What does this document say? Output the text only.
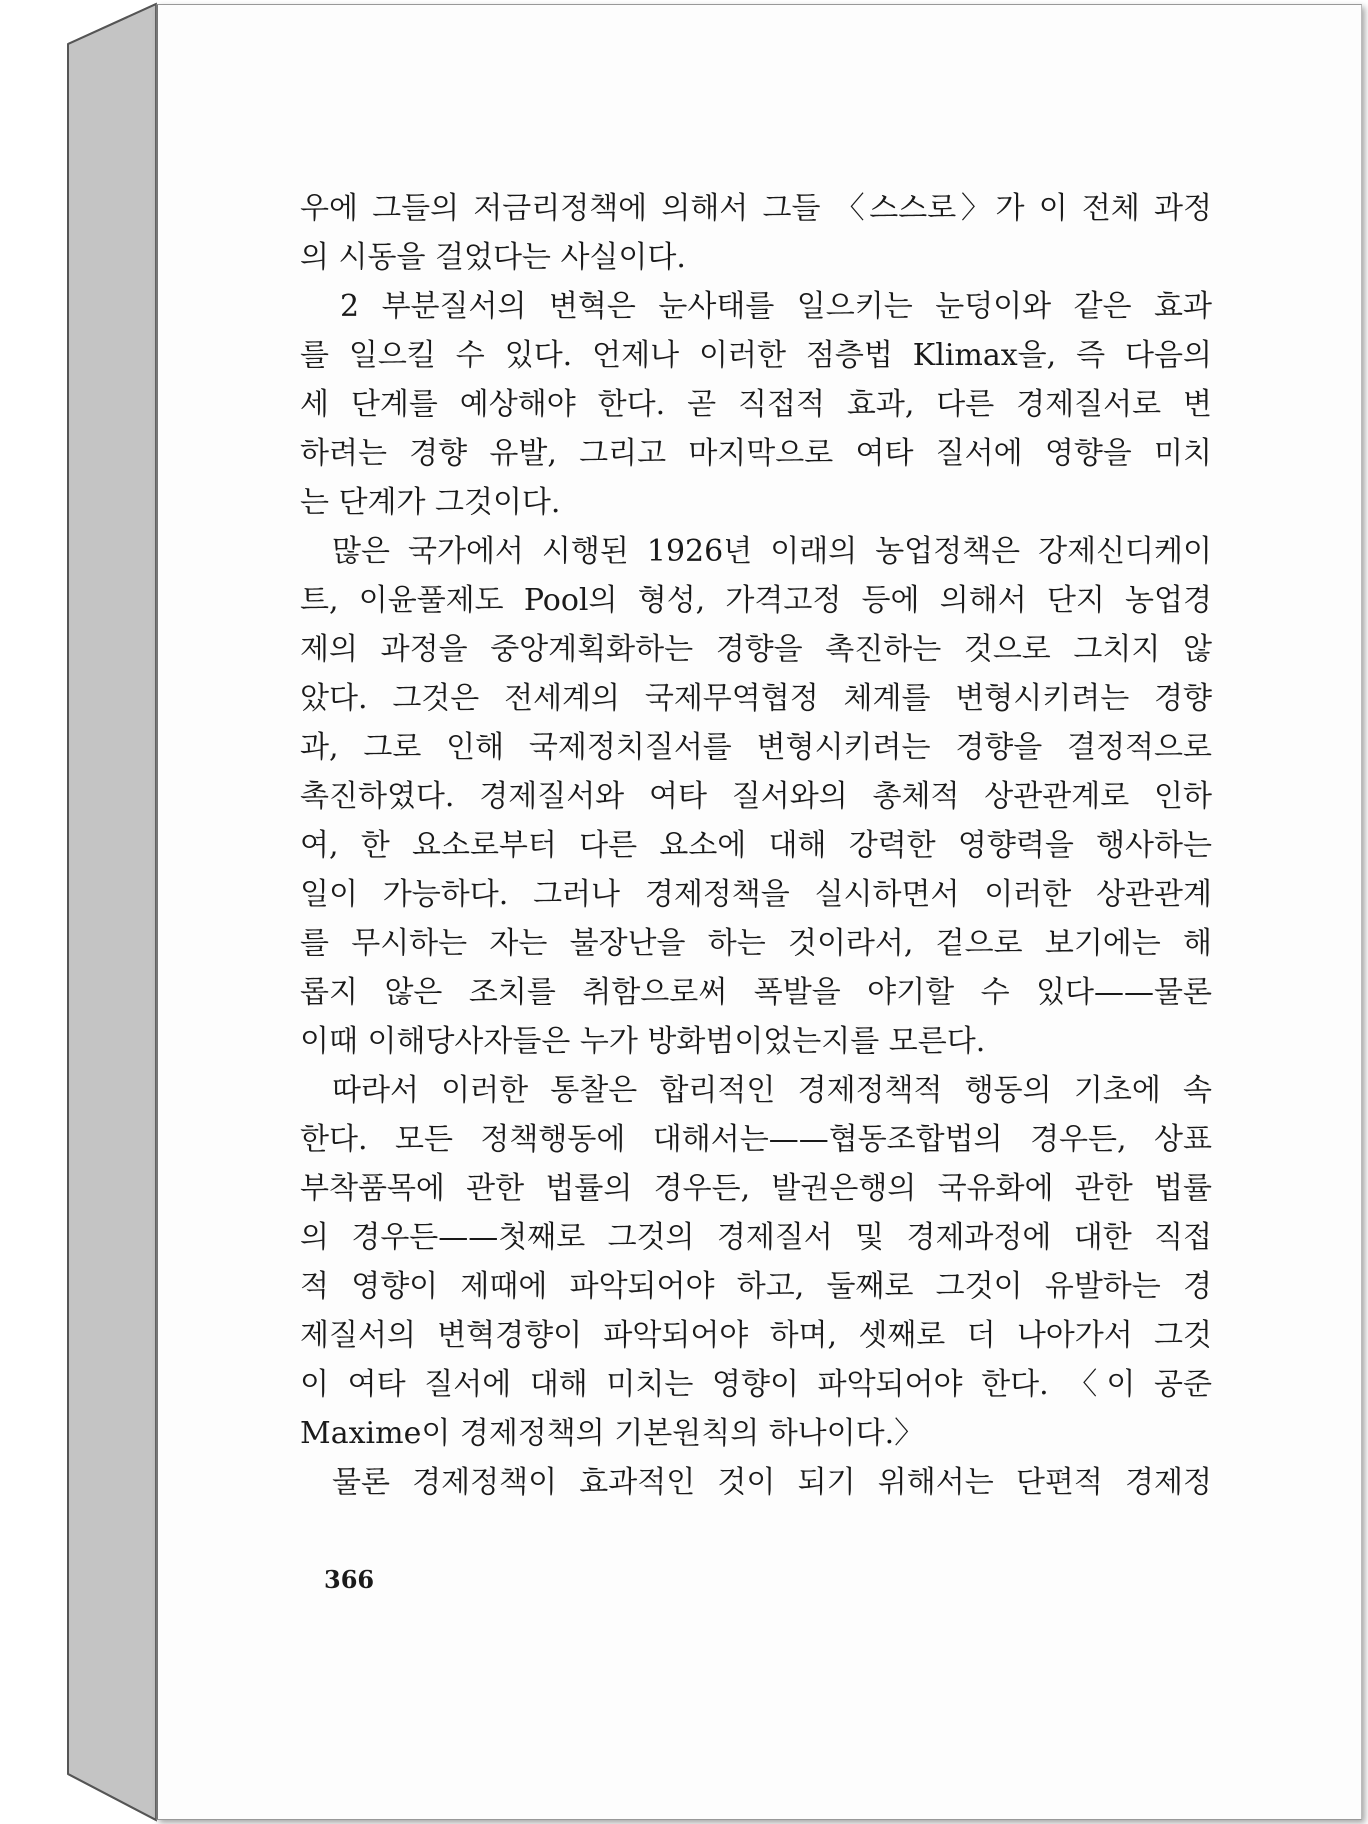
우에 그들의 저금리정책에 의해서 그들 〈스스로〉가 이 전체 과정
의 시동을 걸었다는 사실이다.
2 부분질서의 변혁은 눈사태를 일으키는 눈덩이와 같은 효과
를 일으킬 수 있다. 언제나 이러한 점층법 Klimax을, 즉 다음의
세 단계를 예상해야 한다. 곧 직접적 효과, 다른 경제질서로 변
하려는 경향 유발, 그리고 마지막으로 여타 질서에 영향을 미치
는 단계가 그것이다.
많은 국가에서 시행된 1926년 이래의 농업정책은 강제신디케이
트, 이윤풀제도 Pool의 형성, 가격고정 등에 의해서 단지 농업경
제의 과정을 중앙계획화하는 경향을 촉진하는 것으로 그치지 않
았다. 그것은 전세계의 국제무역협정 체계를 변형시키려는 경향
과, 그로 인해 국제정치질서를 변형시키려는 경향을 결정적으로
촉진하였다. 경제질서와 여타 질서와의 총체적 상관관계로 인하
여, 한 요소로부터 다른 요소에 대해 강력한 영향력을 행사하는
일이 가능하다. 그러나 경제정책을 실시하면서 이러한 상관관계
를 무시하는 자는 불장난을 하는 것이라서, 겉으로 보기에는 해
롭지 않은 조치를 취함으로써 폭발을 야기할 수 있다——물론
이때 이해당사자들은 누가 방화범이었는지를 모른다.
따라서 이러한 통찰은 합리적인 경제정책적 행동의 기초에 속
한다. 모든 정책행동에 대해서는——협동조합법의 경우든, 상표
부착품목에 관한 법률의 경우든, 발권은행의 국유화에 관한 법률
의 경우든——첫째로 그것의 경제질서 및 경제과정에 대한 직접
적 영향이 제때에 파악되어야 하고, 둘째로 그것이 유발하는 경
제질서의 변혁경향이 파악되어야 하며, 셋째로 더 나아가서 그것
이 여타 질서에 대해 미치는 영향이 파악되어야 한다. 〈이 공준
Maxime이 경제정책의 기본원칙의 하나이다.〉
물론 경제정책이 효과적인 것이 되기 위해서는 단편적 경제정
366
